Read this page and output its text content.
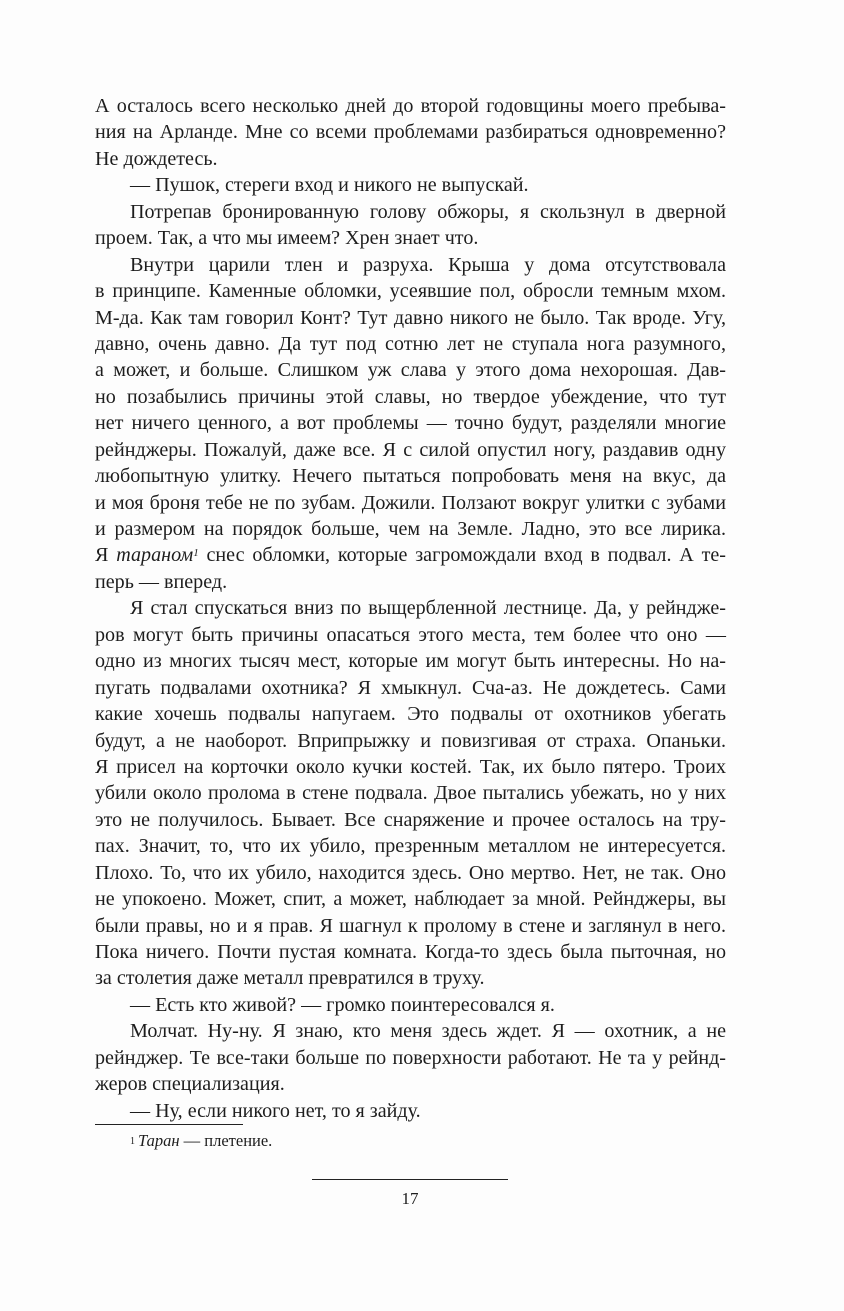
А осталось всего несколько дней до второй годовщины моего пребыва-
ния на Арланде. Мне со всеми проблемами разбираться одновременно?
Не дождетесь.
— Пушок, стереги вход и никого не выпускай.
Потрепав бронированную голову обжоры, я скользнул в дверной
проем. Так, а что мы имеем? Хрен знает что.
Внутри царили тлен и разруха. Крыша у дома отсутствовала
в принципе. Каменные обломки, усеявшие пол, обросли темным мхом.
М-да. Как там говорил Конт? Тут давно никого не было. Так вроде. Угу,
давно, очень давно. Да тут под сотню лет не ступала нога разумного,
а может, и больше. Слишком уж слава у этого дома нехорошая. Дав-
но позабылись причины этой славы, но твердое убеждение, что тут
нет ничего ценного, а вот проблемы — точно будут, разделяли многие
рейнджеры. Пожалуй, даже все. Я с силой опустил ногу, раздавив одну
любопытную улитку. Нечего пытаться попробовать меня на вкус, да
и моя броня тебе не по зубам. Дожили. Ползают вокруг улитки с зубами
и размером на порядок больше, чем на Земле. Ладно, это все лирика.
Я тараном$^1$ снес обломки, которые загромождали вход в подвал. А те-
перь — вперед.
Я стал спускаться вниз по выщербленной лестнице. Да, у рейндже-
ров могут быть причины опасаться этого места, тем более что оно —
одно из многих тысяч мест, которые им могут быть интересны. Но на-
пугать подвалами охотника? Я хмыкнул. Сча-аз. Не дождетесь. Сами
какие хочешь подвалы напугаем. Это подвалы от охотников убегать
будут, а не наоборот. Вприпрыжку и повизгивая от страха. Опаньки.
Я присел на корточки около кучки костей. Так, их было пятеро. Троих
убили около пролома в стене подвала. Двое пытались убежать, но у них
это не получилось. Бывает. Все снаряжение и прочее осталось на тру-
пах. Значит, то, что их убило, презренным металлом не интересуется.
Плохо. То, что их убило, находится здесь. Оно мертво. Нет, не так. Оно
не упокоено. Может, спит, а может, наблюдает за мной. Рейнджеры, вы
были правы, но и я прав. Я шагнул к пролому в стене и заглянул в него.
Пока ничего. Почти пустая комната. Когда-то здесь была пыточная, но
за столетия даже металл превратился в труху.
— Есть кто живой? — громко поинтересовался я.
Молчат. Ну-ну. Я знаю, кто меня здесь ждет. Я — охотник, а не
рейнджер. Те все-таки больше по поверхности работают. Не та у рейнд-
жеров специализация.
— Ну, если никого нет, то я зайду.
$^1$ Таран — плетение.
17
